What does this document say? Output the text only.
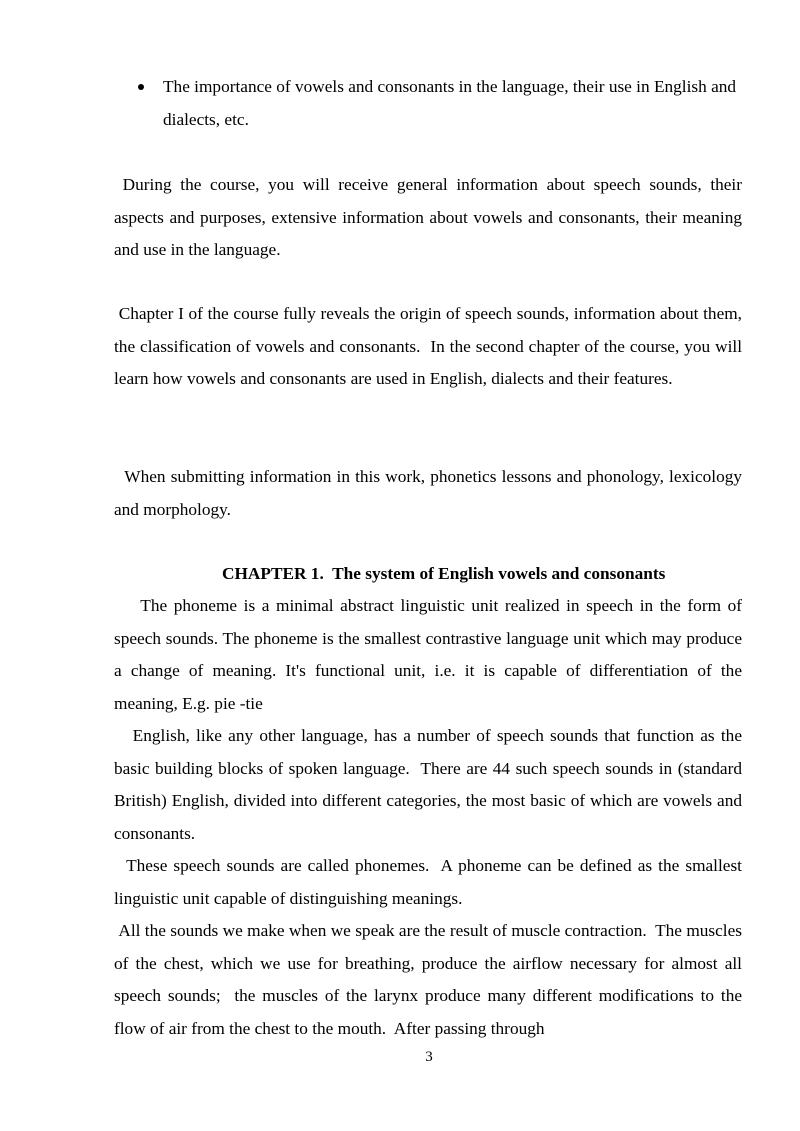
The importance of vowels and consonants in the language, their use in English and dialects, etc.

During the course, you will receive general information about speech sounds, their aspects and purposes, extensive information about vowels and consonants, their meaning and use in the language.

Chapter I of the course fully reveals the origin of speech sounds, information about them, the classification of vowels and consonants.  In the second chapter of the course, you will learn how vowels and consonants are used in English, dialects and their features.

When submitting information in this work, phonetics lessons and phonology, lexicology and morphology.

CHAPTER 1.  The system of English vowels and consonants

The phoneme is a minimal abstract linguistic unit realized in speech in the form of speech sounds. The phoneme is the smallest contrastive language unit which may produce a change of meaning. It's functional unit, i.e. it is capable of differentiation of the meaning, E.g. pie -tie

English, like any other language, has a number of speech sounds that function as the basic building blocks of spoken language.  There are 44 such speech sounds in (standard British) English, divided into different categories, the most basic of which are vowels and consonants.

These speech sounds are called phonemes.  A phoneme can be defined as the smallest linguistic unit capable of distinguishing meanings.

All the sounds we make when we speak are the result of muscle contraction.  The muscles of the chest, which we use for breathing, produce the airflow necessary for almost all speech sounds;  the muscles of the larynx produce many different modifications to the flow of air from the chest to the mouth.  After passing through

3
